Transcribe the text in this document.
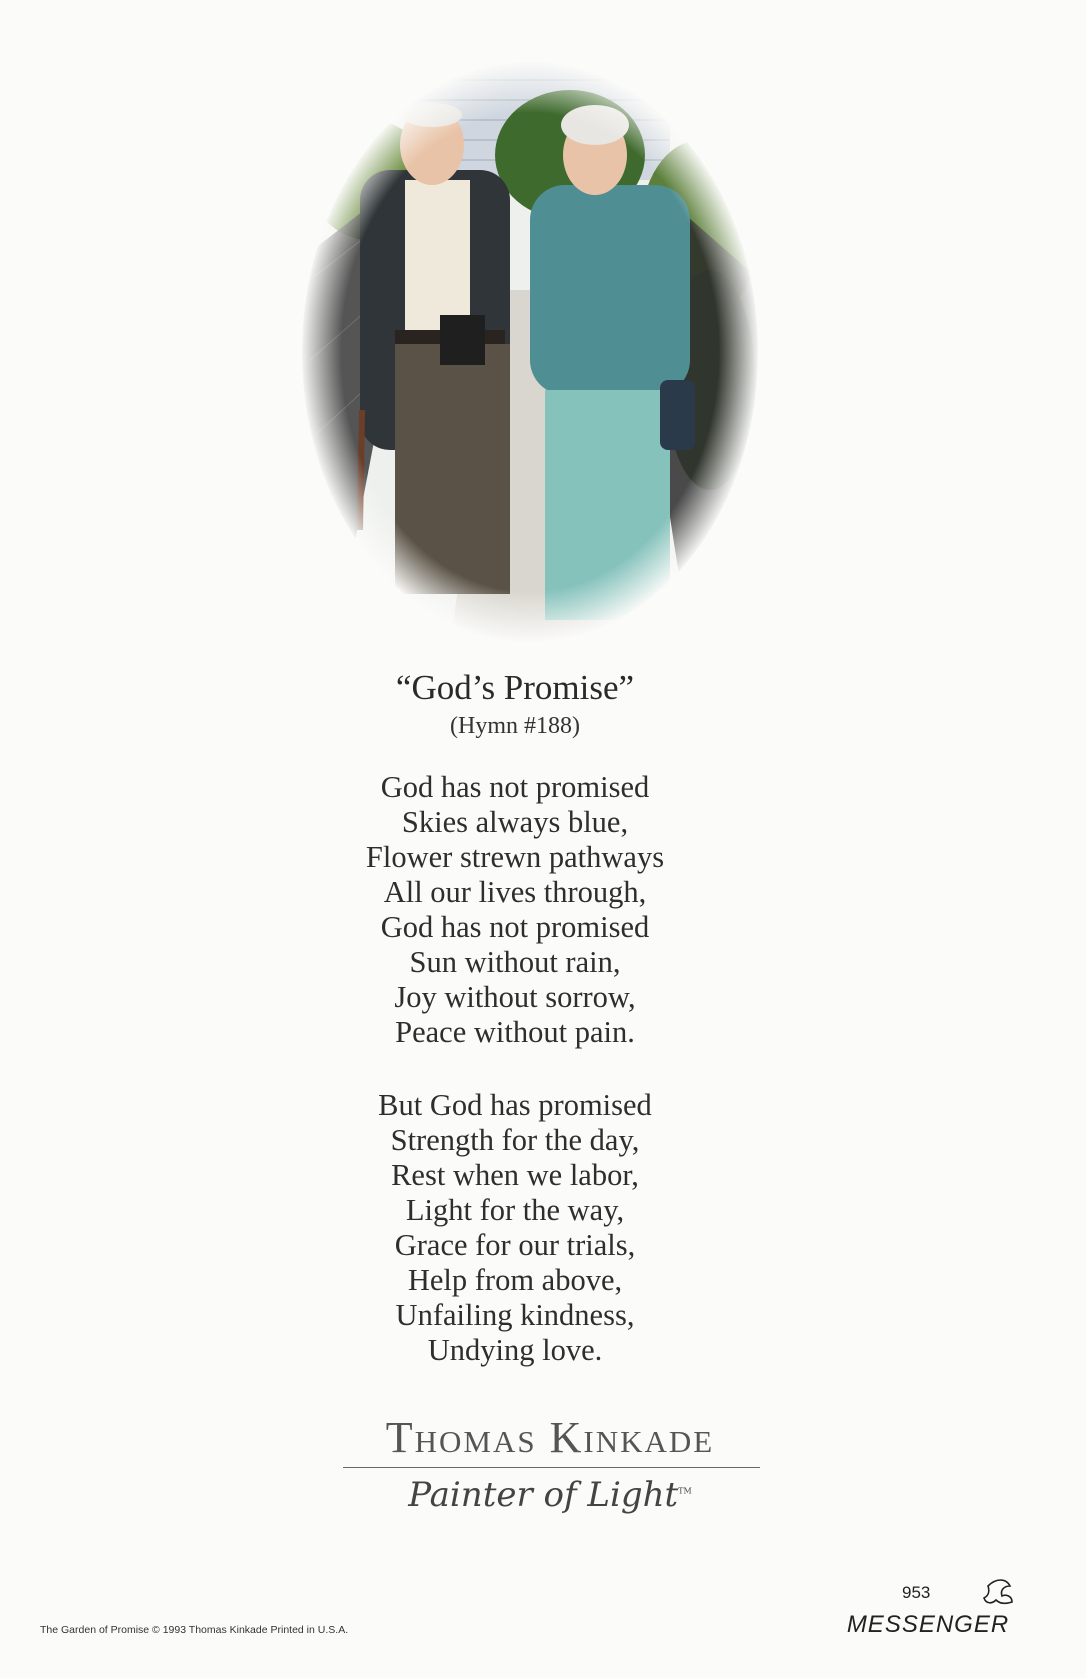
“God’s Promise”
(Hymn #188)
God has not promised
Skies always blue,
Flower strewn pathways
All our lives through,
God has not promised
Sun without rain,
Joy without sorrow,
Peace without pain.
But God has promised
Strength for the day,
Rest when we labor,
Light for the way,
Grace for our trials,
Help from above,
Unfailing kindness,
Undying love.
Thomas Kinkade
Painter of Light™
The Garden of Promise © 1993 Thomas Kinkade Printed in U.S.A.
953
MESSENGER
